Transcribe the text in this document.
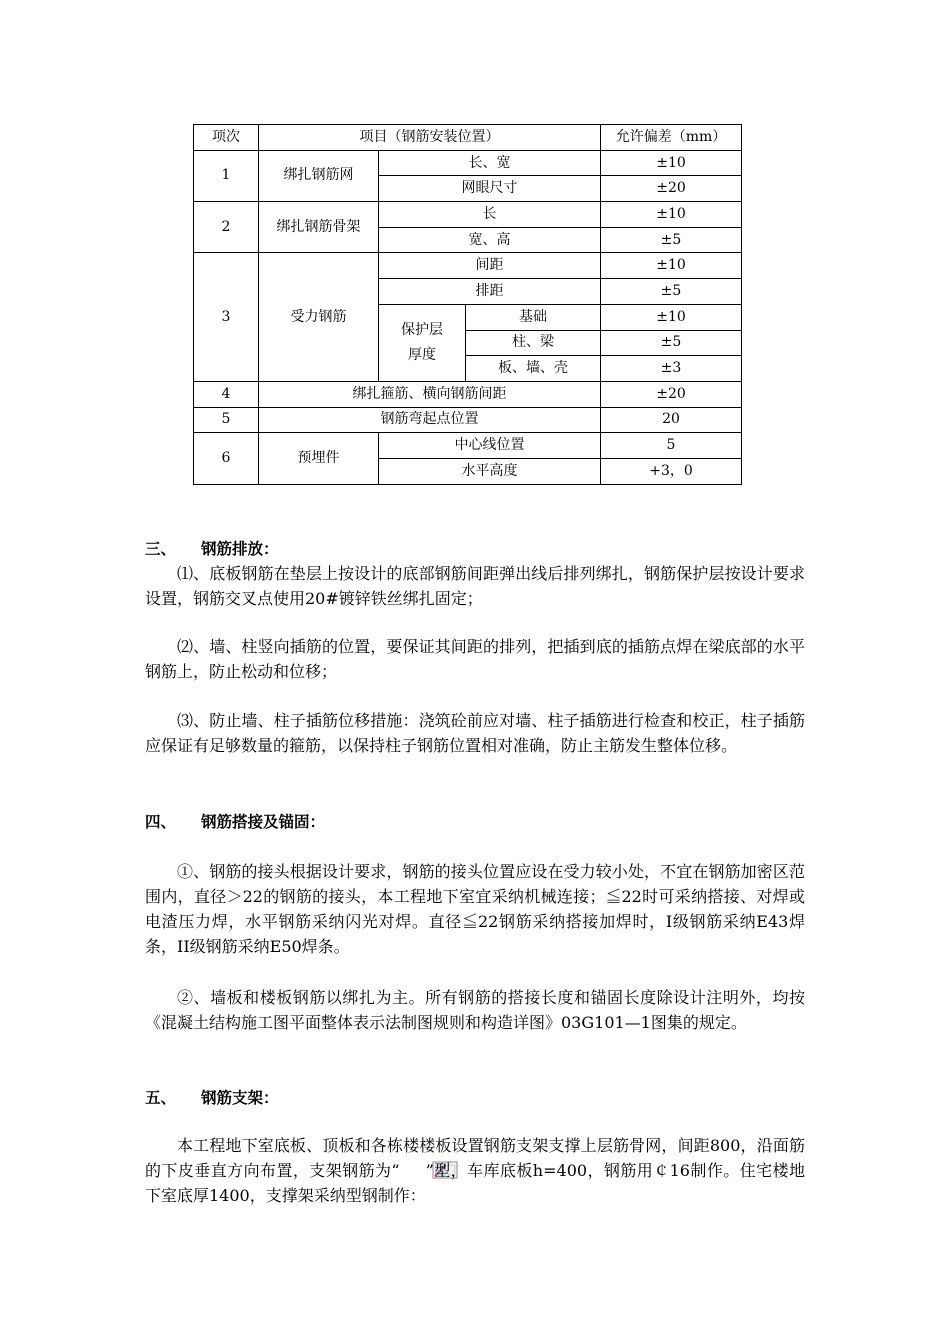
项次	项目（钢筋安装位置）			允许偏差（mm）
1	绑扎钢筋网	长、宽		±10
		网眼尺寸		±20
2	绑扎钢筋骨架	长		±10
		宽、高		±5
3	受力钢筋	间距		±10
		排距		±5
		保护层厚度	基础	±10
			柱、梁	±5
			板、墙、壳	±3
4	绑扎箍筋、横向钢筋间距			±20
5	钢筋弯起点位置			20
6	预埋件	中心线位置		5
		水平高度		+3，0
三、 钢筋排放：
⑴、底板钢筋在垫层上按设计的底部钢筋间距弹出线后排列绑扎，钢筋保护层按设计要求设置，钢筋交叉点使用20#镀锌铁丝绑扎固定；
⑵、墙、柱竖向插筋的位置，要保证其间距的排列，把插到底的插筋点焊在梁底部的水平钢筋上，防止松动和位移；
⑶、防止墙、柱子插筋位移措施：浇筑砼前应对墙、柱子插筋进行检查和校正，柱子插筋应保证有足够数量的箍筋，以保持柱子钢筋位置相对准确，防止主筋发生整体位移。
四、 钢筋搭接及锚固：
①、钢筋的接头根据设计要求，钢筋的接头位置应设在受力较小处，不宜在钢筋加密区范围内，直径＞22的钢筋的接头，本工程地下室宜采纳机械连接；≦22时可采纳搭接、对焊或电渣压力焊，水平钢筋采纳闪光对焊。直径≦22钢筋采纳搭接加焊时，I级钢筋采纳E43焊条，II级钢筋采纳E50焊条。
②、墙板和楼板钢筋以绑扎为主。所有钢筋的搭接长度和锚固长度除设计注明外，均按《混凝土结构施工图平面整体表示法制图规则和构造详图》03G101—1图集的规定。
五、 钢筋支架：
本工程地下室底板、顶板和各栋楼楼板设置钢筋支架支撑上层筋骨网，间距800，沿面筋的下皮垂直方向布置，支架钢筋为“ ”型，车库底板h=400，钢筋用￠16制作。住宅楼地下室底厚1400，支撑架采纳型钢制作：
